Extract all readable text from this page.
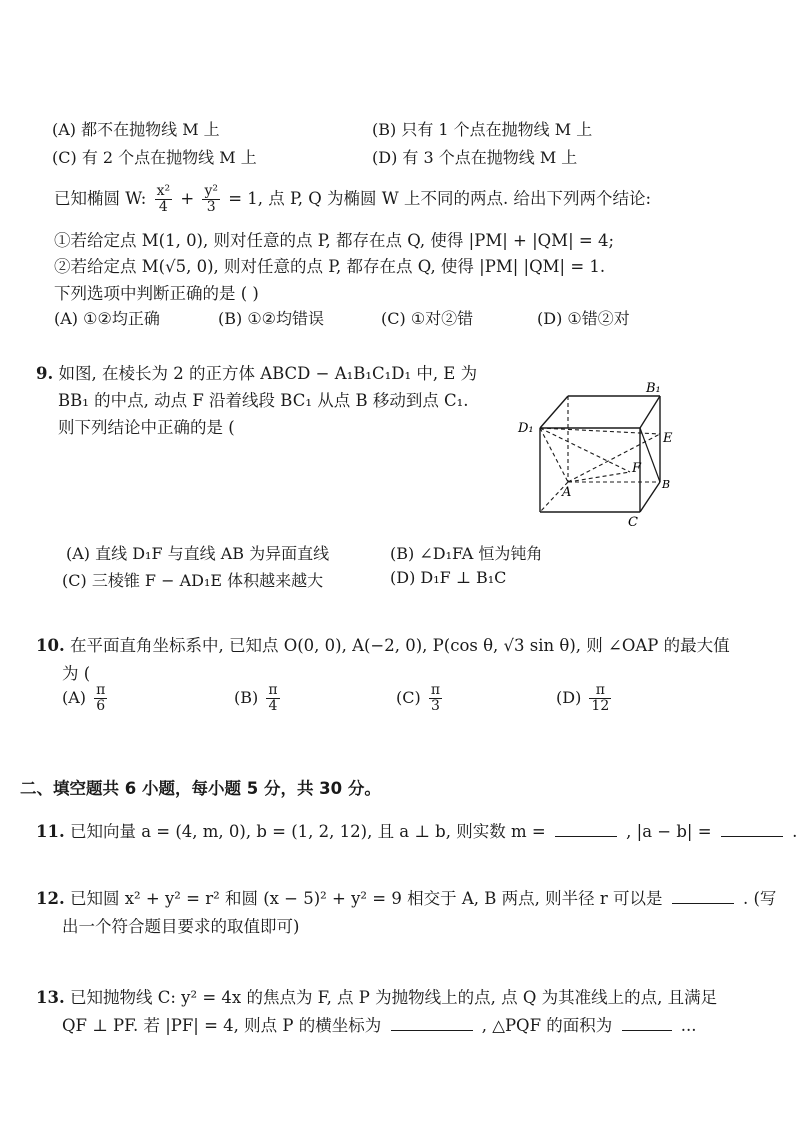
(A) 都不在抛物线 M 上	(B) 只有 1 个点在抛物线 M 上
(C) 有 2 个点在抛物线 M 上	(D) 有 3 个点在抛物线 M 上
已知椭圆 W: $\frac{\text{x²}}{4} + \frac{\text{y²}}{3} = 1$, 点 P, Q 为椭圆 W 上不同的两点. 给出下列两个结论:
①若给定点 M(1, 0), 则对任意的点 P, 都存在点 Q, 使得 |PM| + |QM| = 4;
②若给定点 M(√5, 0), 则对任意的点 P, 都存在点 Q, 使得 |PM| |QM| = 1.
下列选项中判断正确的是 ( )
(A) ①②均正确	(B) ①②均错误	(C) ①对②错	(D) ①错②对
9. 如图, 在棱长为 2 的正方体 ABCD − A₁B₁C₁D₁ 中, E 为
BB₁ 的中点, 动点 F 沿着线段 BC₁ 从点 B 移动到点 C₁.
则下列结论中正确的是 (
B₁
D₁
E
F
A
C
B
(A) 直线 D₁F 与直线 AB 为异面直线	(B) ∠D₁FA 恒为钝角
(C) 三棱锥 F − AD₁E 体积越来越大	(D) D₁F ⊥ B₁C
10. 在平面直角坐标系中, 已知点 O(0, 0), A(−2, 0), P(cos θ, √3 sin θ), 则 ∠OAP 的最大值
为 (
$(A) \frac{\pi}{6}$	$(B) \frac{\pi}{4}$	$(C) \frac{\pi}{3}$	$(D) \frac{\pi}{12}$
二、填空题共 6 小题，每小题 5 分，共 30 分。
11. 已知向量 a = (4, m, 0), b = (1, 2, 12), 且 a ⊥ b, 则实数 m =	, |a − b| =	.
12. 已知圆 x² + y² = r² 和圆 (x − 5)² + y² = 9 相交于 A, B 两点, 则半径 r 可以是	. (写
出一个符合题目要求的取值即可)
13. 已知抛物线 C: y² = 4x 的焦点为 F, 点 P 为抛物线上的点, 点 Q 为其准线上的点, 且满足
QF ⊥ PF. 若 |PF| = 4, 则点 P 的横坐标为	, △PQF 的面积为	...
